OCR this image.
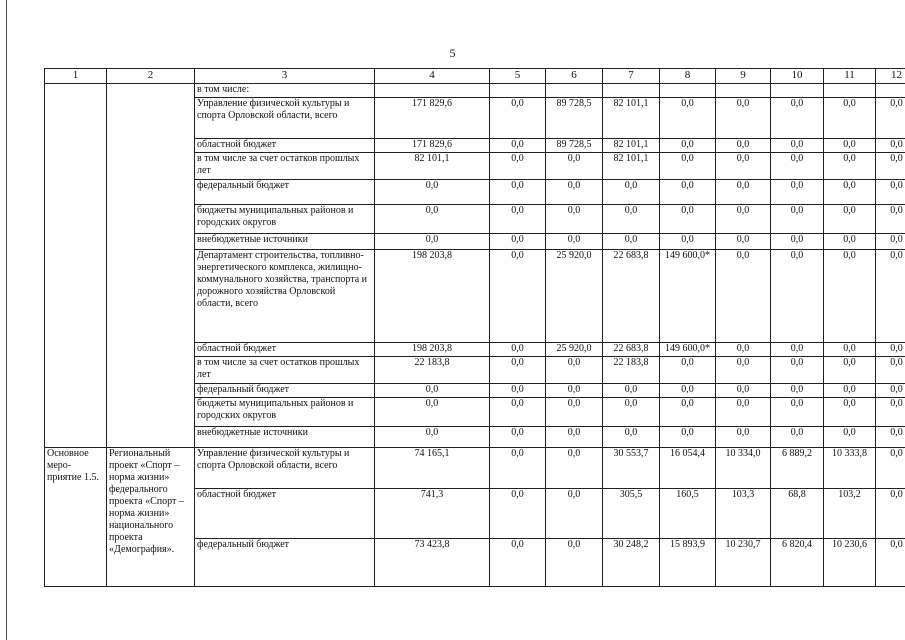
5
1	2	3	4	5	6	7	8	9	10	11	12
		в том числе:									
		Управление физической культуры и спорта Орловской области, всего	171 829,6	0,0	89 728,5	82 101,1	0,0	0,0	0,0	0,0	0,0
		областной бюджет	171 829,6	0,0	89 728,5	82 101,1	0,0	0,0	0,0	0,0	0,0
		в том числе за счет остатков прошлых лет	82 101,1	0,0	0,0	82 101,1	0,0	0,0	0,0	0,0	0,0
		федеральный бюджет	0,0	0,0	0,0	0,0	0,0	0,0	0,0	0,0	0,0
		бюджеты муниципальных районов и городских округов	0,0	0,0	0,0	0,0	0,0	0,0	0,0	0,0	0,0
		внебюджетные источники	0,0	0,0	0,0	0,0	0,0	0,0	0,0	0,0	0,0
		Департамент строительства, топливно-энергетического комплекса, жилищно-коммунального хозяйства, транспорта и дорожного хозяйства Орловской области, всего	198 203,8	0,0	25 920,0	22 683,8	149 600,0*	0,0	0,0	0,0	0,0
		областной бюджет	198 203,8	0,0	25 920,0	22 683,8	149 600,0*	0,0	0,0	0,0	0,0
		в том числе за счет остатков прошлых лет	22 183,8	0,0	0,0	22 183,8	0,0	0,0	0,0	0,0	0,0
		федеральный бюджет	0,0	0,0	0,0	0,0	0,0	0,0	0,0	0,0	0,0
		бюджеты муниципальных районов и городских округов	0,0	0,0	0,0	0,0	0,0	0,0	0,0	0,0	0,0
		внебюджетные источники	0,0	0,0	0,0	0,0	0,0	0,0	0,0	0,0	0,0
Основное меро-приятие 1.5.	Региональный проект «Спорт – норма жизни» федерального проекта «Спорт – норма жизни» национального проекта «Демография».	Управление физической культуры и спорта Орловской области, всего	74 165,1	0,0	0,0	30 553,7	16 054,4	10 334,0	6 889,2	10 333,8	0,0
		областной бюджет	741,3	0,0	0,0	305,5	160,5	103,3	68,8	103,2	0,0
		федеральный бюджет	73 423,8	0,0	0,0	30 248,2	15 893,9	10 230,7	6 820,4	10 230,6	0,0
